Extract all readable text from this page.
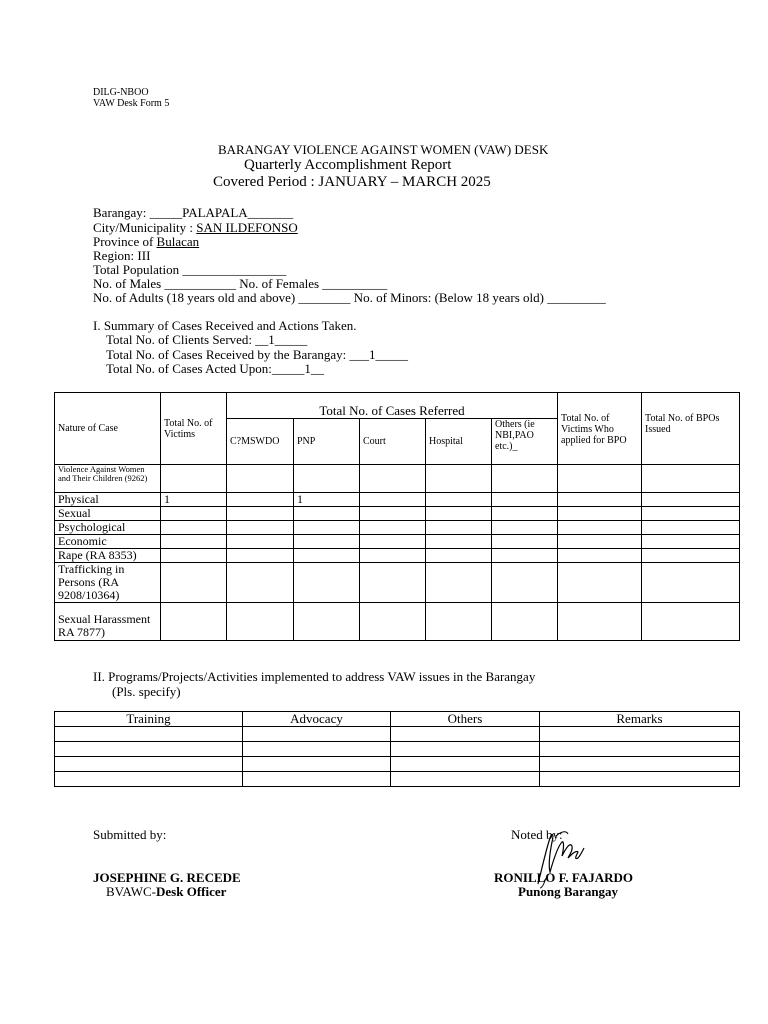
DILG-NBOO
VAW Desk Form 5
BARANGAY VIOLENCE AGAINST WOMEN (VAW) DESK
Quarterly Accomplishment Report
Covered Period : JANUARY – MARCH 2025
Barangay: _____PALAPALA_______
City/Municipality : SAN ILDEFONSO
Province of Bulacan
Region: III
Total Population ________________
No. of Males ___________ No. of Females __________
No. of Adults (18 years old and above) ________ No. of Minors: (Below 18 years old) _________
I. Summary of Cases Received and Actions Taken.
Total No. of Clients Served: __1_____
Total No. of Cases Received by the Barangay: ___1_____
Total No. of Cases Acted Upon:_____1__
Nature of Case	Total No. of Victims	Total No. of Cases Referred					Total No. of Victims Who applied for BPO	Total No. of BPOs Issued
		C?MSWDO	PNP	Court	Hospital	Others (ie NBI,PAO etc.)_		
Violence Against Women and Their Children (9262)								
Physical	1		1					
Sexual								
Psychological								
Economic								
Rape (RA 8353)								
Trafficking in Persons (RA 9208/10364)								
Sexual Harassment RA 7877)								
II. Programs/Projects/Activities implemented to address VAW issues in the Barangay
(Pls. specify)
Training	Advocacy	Others	Remarks

Submitted by:	Noted by:
JOSEPHINE G. RECEDE
BVAWC-Desk Officer
RONILLO F. FAJARDO
Punong Barangay
